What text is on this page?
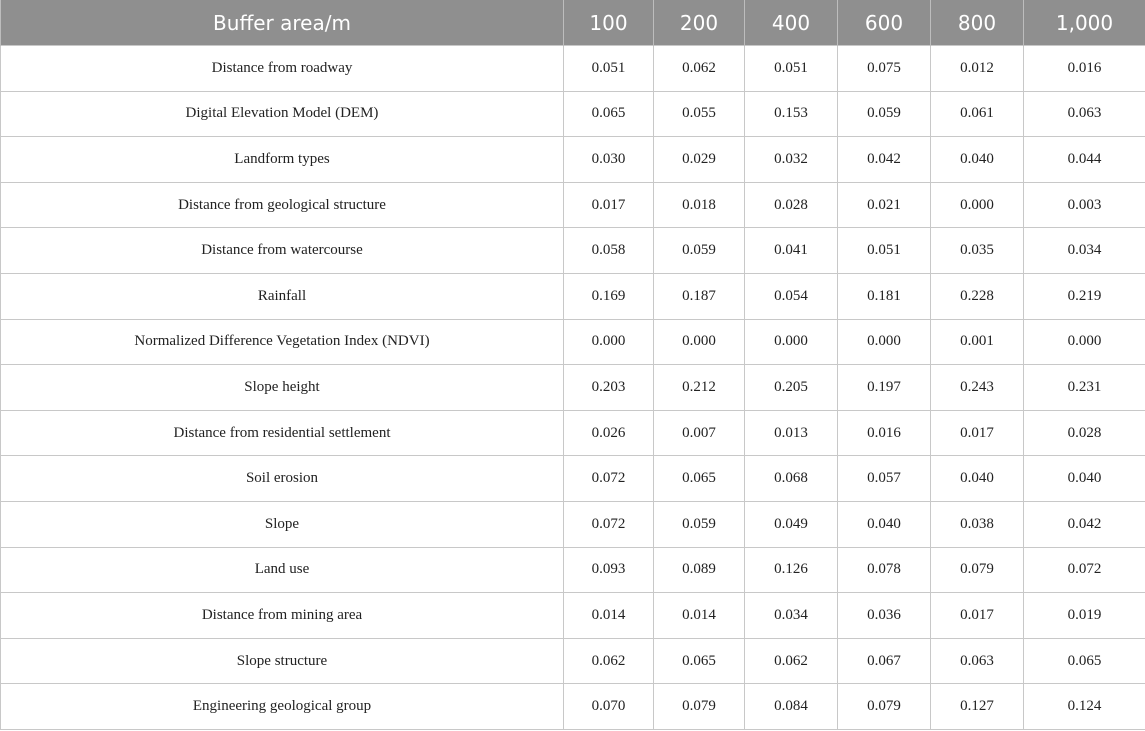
Buffer area/m	100	200	400	600	800	1,000
Distance from roadway	0.051	0.062	0.051	0.075	0.012	0.016
Digital Elevation Model (DEM)	0.065	0.055	0.153	0.059	0.061	0.063
Landform types	0.030	0.029	0.032	0.042	0.040	0.044
Distance from geological structure	0.017	0.018	0.028	0.021	0.000	0.003
Distance from watercourse	0.058	0.059	0.041	0.051	0.035	0.034
Rainfall	0.169	0.187	0.054	0.181	0.228	0.219
Normalized Difference Vegetation Index (NDVI)	0.000	0.000	0.000	0.000	0.001	0.000
Slope height	0.203	0.212	0.205	0.197	0.243	0.231
Distance from residential settlement	0.026	0.007	0.013	0.016	0.017	0.028
Soil erosion	0.072	0.065	0.068	0.057	0.040	0.040
Slope	0.072	0.059	0.049	0.040	0.038	0.042
Land use	0.093	0.089	0.126	0.078	0.079	0.072
Distance from mining area	0.014	0.014	0.034	0.036	0.017	0.019
Slope structure	0.062	0.065	0.062	0.067	0.063	0.065
Engineering geological group	0.070	0.079	0.084	0.079	0.127	0.124
